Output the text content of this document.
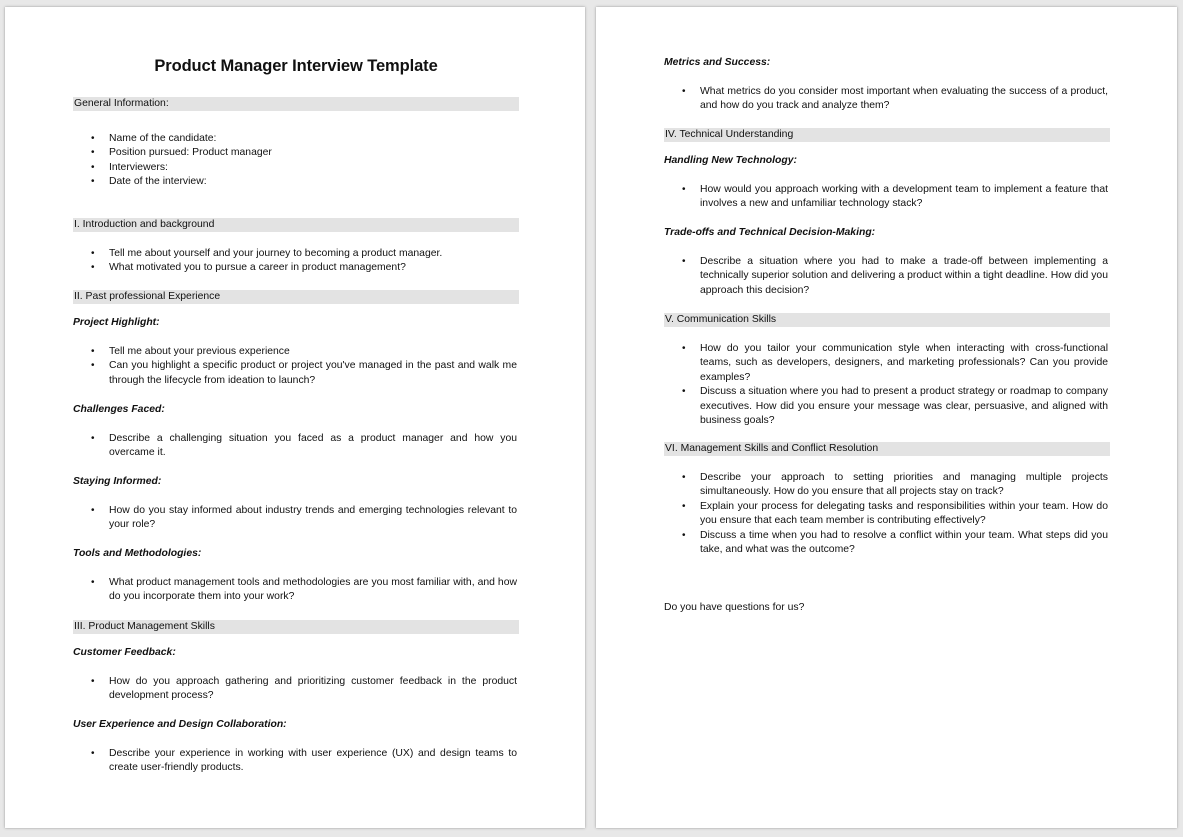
Product Manager Interview Template
General Information:
• Name of the candidate:
• Position pursued: Product manager
• Interviewers:
• Date of the interview:
I. Introduction and background
• Tell me about yourself and your journey to becoming a product manager.
• What motivated you to pursue a career in product management?
II. Past professional Experience
Project Highlight:
• Tell me about your previous experience
• Can you highlight a specific product or project you've managed in the past and walk me through the lifecycle from ideation to launch?
Challenges Faced:
• Describe a challenging situation you faced as a product manager and how you overcame it.
Staying Informed:
• How do you stay informed about industry trends and emerging technologies relevant to your role?
Tools and Methodologies:
• What product management tools and methodologies are you most familiar with, and how do you incorporate them into your work?
III. Product Management Skills
Customer Feedback:
• How do you approach gathering and prioritizing customer feedback in the product development process?
User Experience and Design Collaboration:
• Describe your experience in working with user experience (UX) and design teams to create user-friendly products.
Metrics and Success:
• What metrics do you consider most important when evaluating the success of a product, and how do you track and analyze them?
IV. Technical Understanding
Handling New Technology:
• How would you approach working with a development team to implement a feature that involves a new and unfamiliar technology stack?
Trade-offs and Technical Decision-Making:
• Describe a situation where you had to make a trade-off between implementing a technically superior solution and delivering a product within a tight deadline. How did you approach this decision?
V. Communication Skills
• How do you tailor your communication style when interacting with cross-functional teams, such as developers, designers, and marketing professionals? Can you provide examples?
• Discuss a situation where you had to present a product strategy or roadmap to company executives. How did you ensure your message was clear, persuasive, and aligned with business goals?
VI. Management Skills and Conflict Resolution
• Describe your approach to setting priorities and managing multiple projects simultaneously. How do you ensure that all projects stay on track?
• Explain your process for delegating tasks and responsibilities within your team. How do you ensure that each team member is contributing effectively?
• Discuss a time when you had to resolve a conflict within your team. What steps did you take, and what was the outcome?
Do you have questions for us?
